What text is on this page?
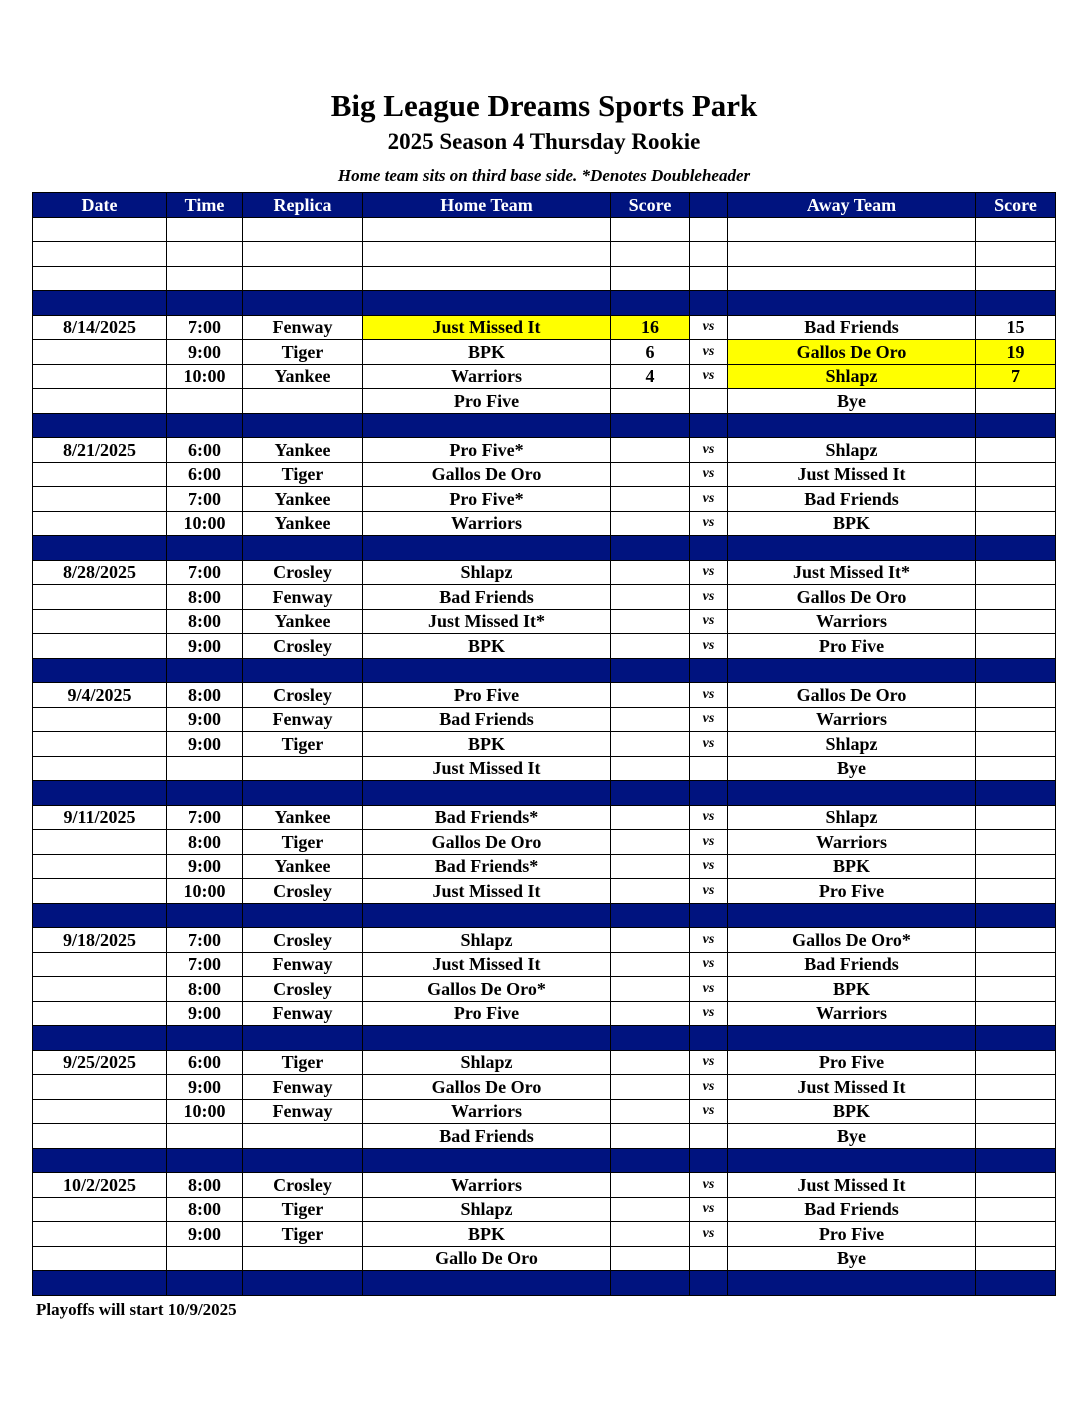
Big League Dreams Sports Park
2025 Season 4 Thursday Rookie
Home team sits on third base side. *Denotes Doubleheader
Date	Time	Replica	Home Team	Score		Away Team	Score

8/14/2025	7:00	Fenway	Just Missed It	16	vs	Bad Friends	15
	9:00	Tiger	BPK	6	vs	Gallos De Oro	19
	10:00	Yankee	Warriors	4	vs	Shlapz	7
			Pro Five			Bye	

8/21/2025	6:00	Yankee	Pro Five*		vs	Shlapz	
	6:00	Tiger	Gallos De Oro		vs	Just Missed It	
	7:00	Yankee	Pro Five*		vs	Bad Friends	
	10:00	Yankee	Warriors		vs	BPK	

8/28/2025	7:00	Crosley	Shlapz		vs	Just Missed It*	
	8:00	Fenway	Bad Friends		vs	Gallos De Oro	
	8:00	Yankee	Just Missed It*		vs	Warriors	
	9:00	Crosley	BPK		vs	Pro Five	

9/4/2025	8:00	Crosley	Pro Five		vs	Gallos De Oro	
	9:00	Fenway	Bad Friends		vs	Warriors	
	9:00	Tiger	BPK		vs	Shlapz	
			Just Missed It			Bye	

9/11/2025	7:00	Yankee	Bad Friends*		vs	Shlapz	
	8:00	Tiger	Gallos De Oro		vs	Warriors	
	9:00	Yankee	Bad Friends*		vs	BPK	
	10:00	Crosley	Just Missed It		vs	Pro Five	

9/18/2025	7:00	Crosley	Shlapz		vs	Gallos De Oro*	
	7:00	Fenway	Just Missed It		vs	Bad Friends	
	8:00	Crosley	Gallos De Oro*		vs	BPK	
	9:00	Fenway	Pro Five		vs	Warriors	

9/25/2025	6:00	Tiger	Shlapz		vs	Pro Five	
	9:00	Fenway	Gallos De Oro		vs	Just Missed It	
	10:00	Fenway	Warriors		vs	BPK	
			Bad Friends			Bye	

10/2/2025	8:00	Crosley	Warriors		vs	Just Missed It	
	8:00	Tiger	Shlapz		vs	Bad Friends	
	9:00	Tiger	BPK		vs	Pro Five	
			Gallo De Oro			Bye	

Playoffs will start 10/9/2025
